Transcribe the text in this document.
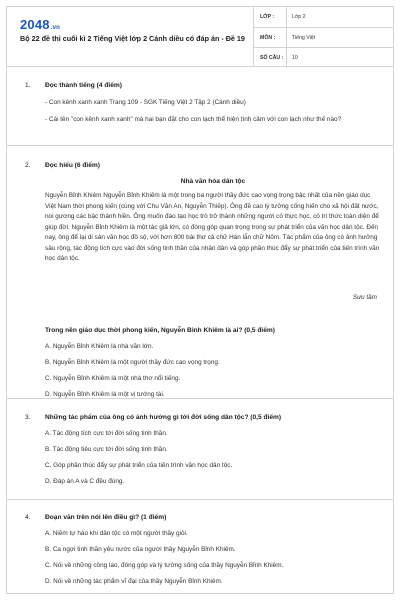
2048.vn
Bộ 22 đề thi cuối kì 2 Tiếng Việt lớp 2 Cánh diều có đáp án - Đề 19
LỚP :	Lớp 2
MÔN :	Tiếng Việt
SỐ CÂU : 10
1. Đọc thành tiếng (4 điểm)
- Con kênh xanh xanh Trang 109 - SGK Tiếng Việt 2 Tập 2 (Cánh diều)
- Cái tên "con kênh xanh xanh" mà hai bạn đặt cho con lạch thể hiện tình cảm với con lạch như thế nào?
2. Đọc hiểu (6 điểm)
Nhà văn hóa dân tộc
Nguyễn Bỉnh Khiêm Nguyễn Bỉnh Khiêm là một trong ba người thầy đức cao vọng trọng bậc nhất của nền giáo dục Việt Nam thời phong kiến (cùng với Chu Văn An, Nguyễn Thiếp). Ông đề cao lý tưởng cống hiến cho xã hội đất nước, noi gương các bậc thánh hiền. Ông muốn đào tạo học trò trở thành những người có thực học, có trí thức toàn diện để giúp đời. Nguyễn Bỉnh Khiêm là một tác giả lớn, có đóng góp quan trọng trong sự phát triển của văn học dân tộc. Đến nay, ông để lại di sản văn học đồ sộ, với hơn 800 bài thơ cả chữ Hán lẫn chữ Nôm. Tác phẩm của ông có ảnh hưởng sâu rộng, tác động tích cực vào đời sống tinh thần của nhân dân và góp phần thúc đẩy sự phát triển của tiến trình văn học dân tộc.
Sưu tầm
Trong nền giáo dục thời phong kiến, Nguyễn Bỉnh Khiêm là ai? (0,5 điểm)
A. Nguyễn Bỉnh Khiêm là nhà văn lớn.
B. Nguyễn Bỉnh Khiêm là một người thầy đức cao vọng trọng.
C. Nguyễn Bỉnh Khiêm là một nhà thơ nổi tiếng.
D. Nguyễn Bỉnh Khiêm là một vị tướng tài.
3. Những tác phẩm của ông có ảnh hưởng gì tới đời sống dân tộc? (0,5 điểm)
A. Tác động tích cực tới đời sống tinh thần.
B. Tác động tiêu cực tới đời sống tinh thần.
C. Góp phần thúc đẩy sự phát triển của tiến trình văn học dân tộc.
D. Đáp án A và C đều đúng.
4. Đoạn văn trên nói lên điều gì? (1 điểm)
A. Niềm tự hào khi dân tộc có một người thầy giỏi.
B. Ca ngợi tinh thần yêu nước của người thầy Nguyễn Bỉnh Khiêm.
C. Nói về những công lao, đóng góp và lý tưởng sống của thầy Nguyễn Bỉnh Khiêm.
D. Nói về những tác phẩm vĩ đại của thầy Nguyễn Bỉnh Khiêm.
